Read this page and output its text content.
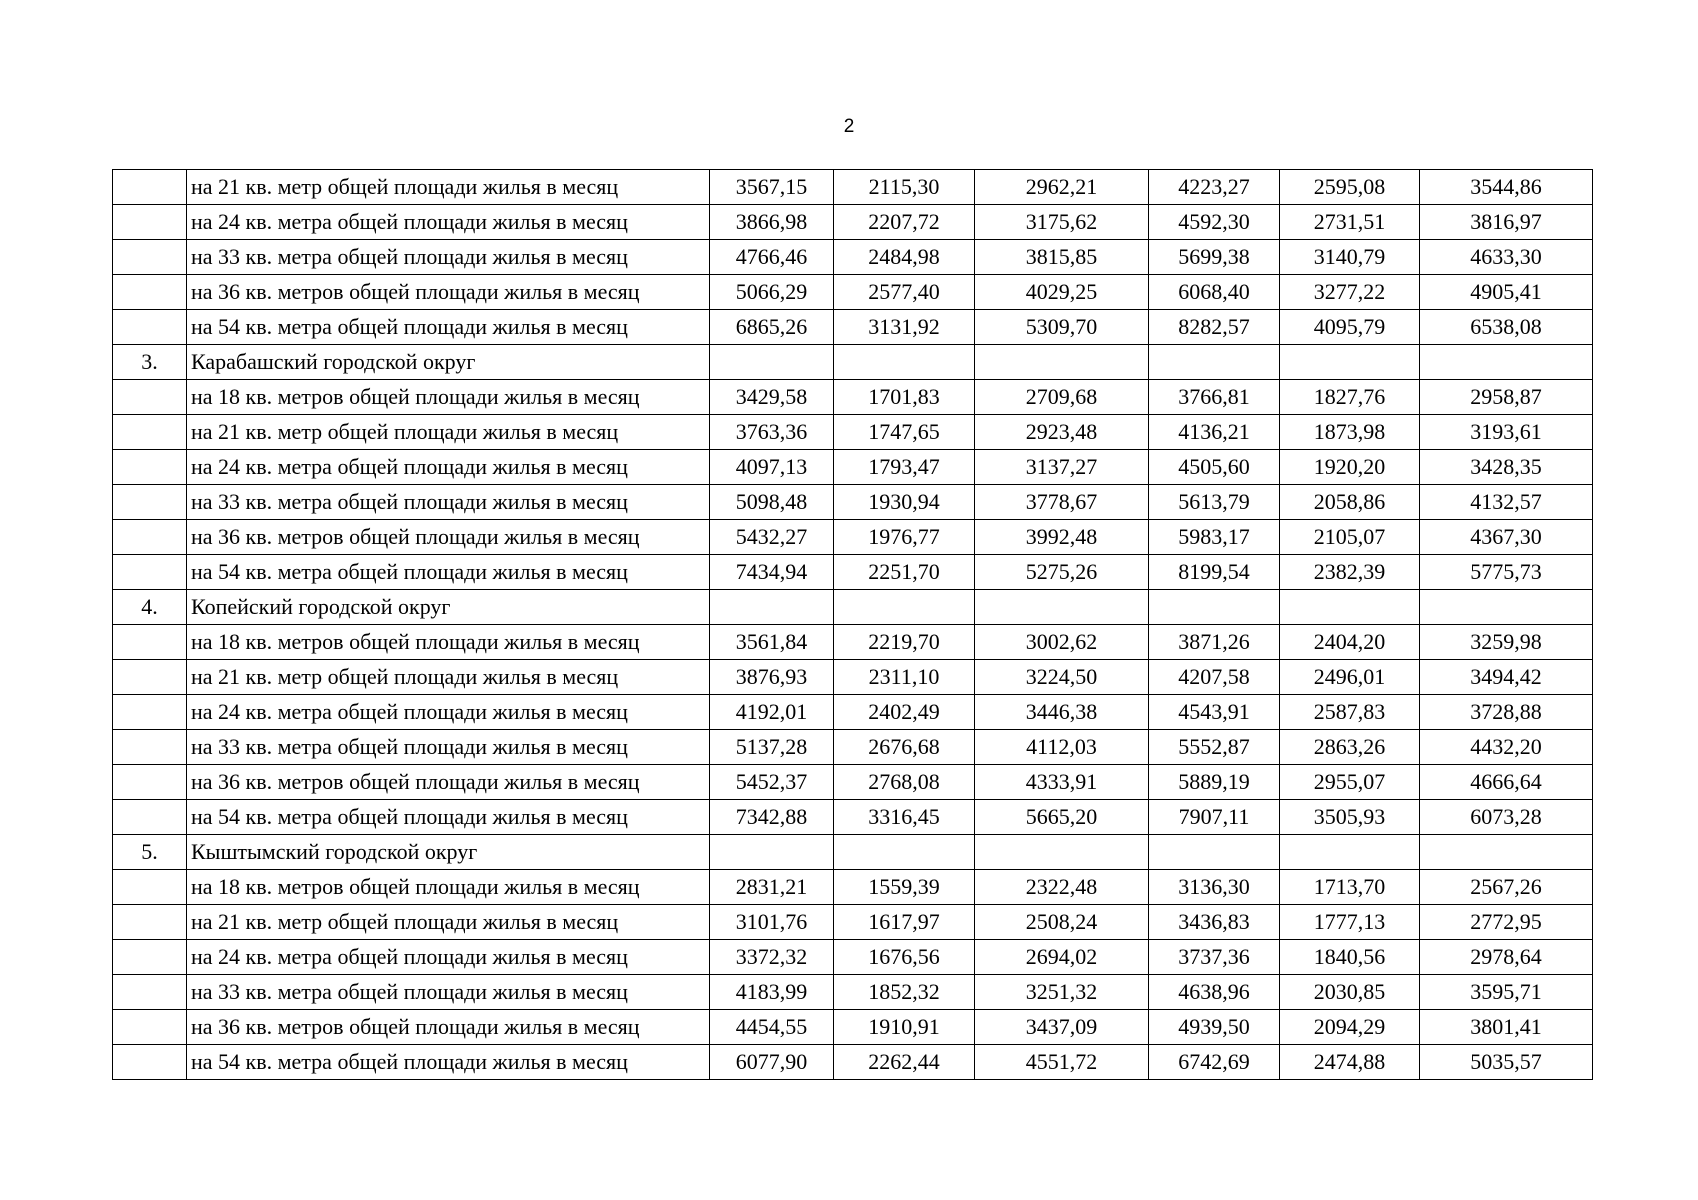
2
	на 21 кв. метр общей площади жилья в месяц	3567,15	2115,30	2962,21	4223,27	2595,08	3544,86
	на 24 кв. метра общей площади жилья в месяц	3866,98	2207,72	3175,62	4592,30	2731,51	3816,97
	на 33 кв. метра общей площади жилья в месяц	4766,46	2484,98	3815,85	5699,38	3140,79	4633,30
	на 36 кв. метров общей площади жилья в месяц	5066,29	2577,40	4029,25	6068,40	3277,22	4905,41
	на 54 кв. метра общей площади жилья в месяц	6865,26	3131,92	5309,70	8282,57	4095,79	6538,08
3.	Карабашский городской округ						
	на 18 кв. метров общей площади жилья в месяц	3429,58	1701,83	2709,68	3766,81	1827,76	2958,87
	на 21 кв. метр общей площади жилья в месяц	3763,36	1747,65	2923,48	4136,21	1873,98	3193,61
	на 24 кв. метра общей площади жилья в месяц	4097,13	1793,47	3137,27	4505,60	1920,20	3428,35
	на 33 кв. метра общей площади жилья в месяц	5098,48	1930,94	3778,67	5613,79	2058,86	4132,57
	на 36 кв. метров общей площади жилья в месяц	5432,27	1976,77	3992,48	5983,17	2105,07	4367,30
	на 54 кв. метра общей площади жилья в месяц	7434,94	2251,70	5275,26	8199,54	2382,39	5775,73
4.	Копейский городской округ						
	на 18 кв. метров общей площади жилья в месяц	3561,84	2219,70	3002,62	3871,26	2404,20	3259,98
	на 21 кв. метр общей площади жилья в месяц	3876,93	2311,10	3224,50	4207,58	2496,01	3494,42
	на 24 кв. метра общей площади жилья в месяц	4192,01	2402,49	3446,38	4543,91	2587,83	3728,88
	на 33 кв. метра общей площади жилья в месяц	5137,28	2676,68	4112,03	5552,87	2863,26	4432,20
	на 36 кв. метров общей площади жилья в месяц	5452,37	2768,08	4333,91	5889,19	2955,07	4666,64
	на 54 кв. метра общей площади жилья в месяц	7342,88	3316,45	5665,20	7907,11	3505,93	6073,28
5.	Кыштымский городской округ						
	на 18 кв. метров общей площади жилья в месяц	2831,21	1559,39	2322,48	3136,30	1713,70	2567,26
	на 21 кв. метр общей площади жилья в месяц	3101,76	1617,97	2508,24	3436,83	1777,13	2772,95
	на 24 кв. метра общей площади жилья в месяц	3372,32	1676,56	2694,02	3737,36	1840,56	2978,64
	на 33 кв. метра общей площади жилья в месяц	4183,99	1852,32	3251,32	4638,96	2030,85	3595,71
	на 36 кв. метров общей площади жилья в месяц	4454,55	1910,91	3437,09	4939,50	2094,29	3801,41
	на 54 кв. метра общей площади жилья в месяц	6077,90	2262,44	4551,72	6742,69	2474,88	5035,57
